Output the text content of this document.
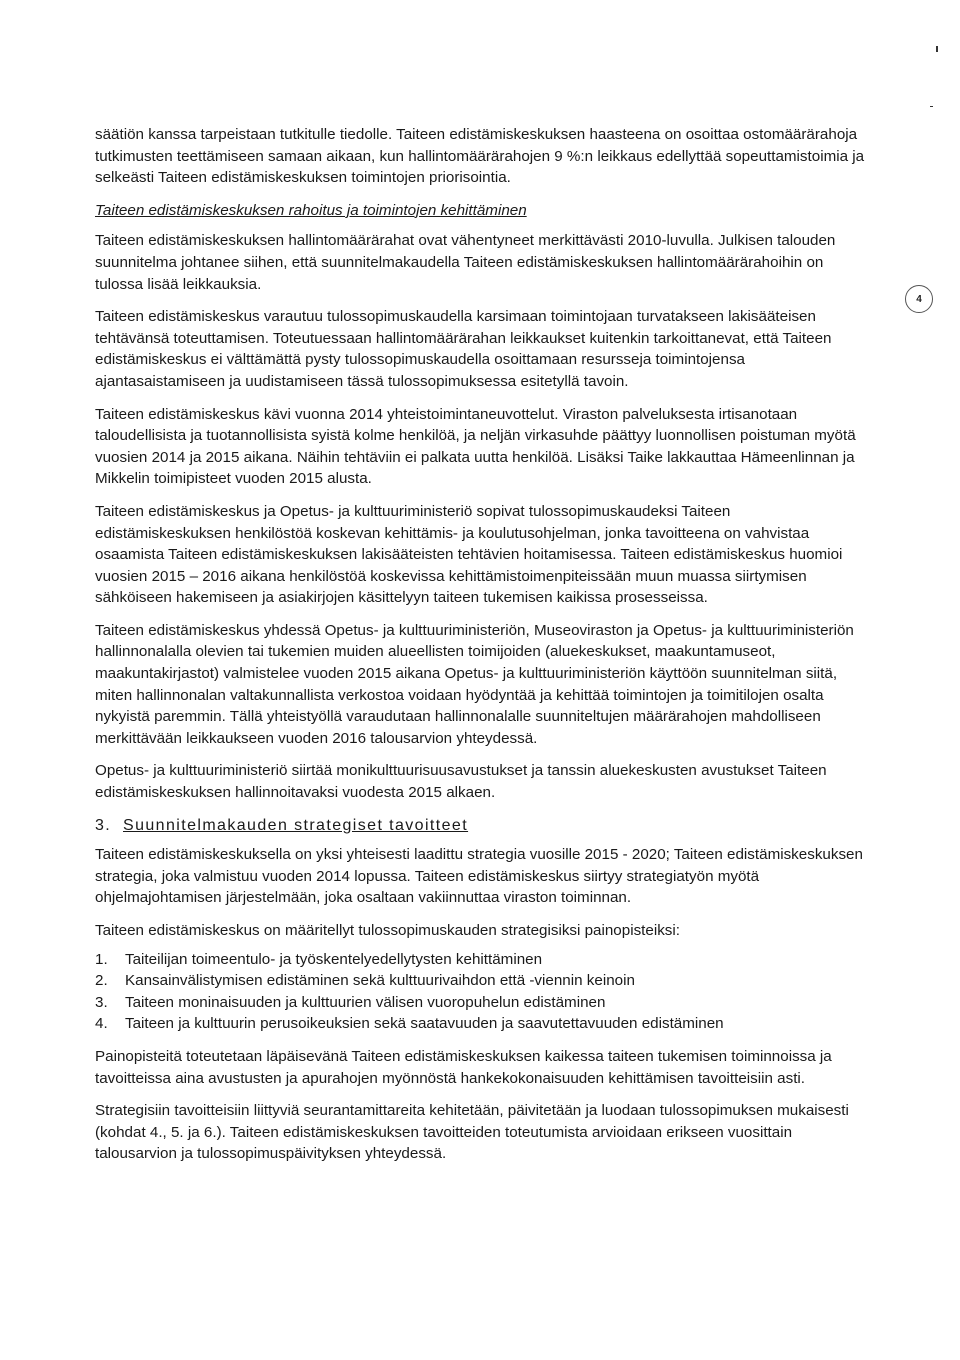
4

säätiön kanssa tarpeistaan tutkitulle tiedolle. Taiteen edistämiskeskuksen haasteena on osoittaa ostomäärärahoja tutkimusten teettämiseen samaan aikaan, kun hallintomäärärahojen 9 %:n leikkaus edellyttää sopeuttamistoimia ja selkeästi Taiteen edistämiskeskuksen toimintojen priorisointia.

Taiteen edistämiskeskuksen rahoitus ja toimintojen kehittäminen

Taiteen edistämiskeskuksen hallintomäärärahat ovat vähentyneet merkittävästi 2010-luvulla. Julkisen talouden suunnitelma johtanee siihen, että suunnitelmakaudella Taiteen edistämiskeskuksen hallintomäärärahoihin on tulossa lisää leikkauksia.

Taiteen edistämiskeskus varautuu tulossopimuskaudella karsimaan toimintojaan turvatakseen lakisääteisen tehtävänsä toteuttamisen. Toteutuessaan hallintomäärärahan leikkaukset kuitenkin tarkoittanevat, että Taiteen edistämiskeskus ei välttämättä pysty tulossopimuskaudella osoittamaan resursseja toimintojensa ajantasaistamiseen ja uudistamiseen tässä tulossopimuksessa esitetyllä tavoin.

Taiteen edistämiskeskus kävi vuonna 2014 yhteistoimintaneuvottelut. Viraston palveluksesta irtisanotaan taloudellisista ja tuotannollisista syistä kolme henkilöä, ja neljän virkasuhde päättyy luonnollisen poistuman myötä vuosien 2014 ja 2015 aikana. Näihin tehtäviin ei palkata uutta henkilöä. Lisäksi Taike lakkauttaa Hämeenlinnan ja Mikkelin toimipisteet vuoden 2015 alusta.

Taiteen edistämiskeskus ja Opetus- ja kulttuuriministeriö sopivat tulossopimuskaudeksi Taiteen edistämiskeskuksen henkilöstöä koskevan kehittämis- ja koulutusohjelman, jonka tavoitteena on vahvistaa osaamista Taiteen edistämiskeskuksen lakisääteisten tehtävien hoitamisessa. Taiteen edistämiskeskus huomioi vuosien 2015 – 2016 aikana henkilöstöä koskevissa kehittämistoimenpiteissään muun muassa siirtymisen sähköiseen hakemiseen ja asiakirjojen käsittelyyn taiteen tukemisen kaikissa prosesseissa.

Taiteen edistämiskeskus yhdessä Opetus- ja kulttuuriministeriön, Museoviraston ja Opetus- ja kulttuuriministeriön hallinnonalalla olevien tai tukemien muiden alueellisten toimijoiden (aluekeskukset, maakuntamuseot, maakuntakirjastot) valmistelee vuoden 2015 aikana Opetus- ja kulttuuriministeriön käyttöön suunnitelman siitä, miten hallinnonalan valtakunnallista verkostoa voidaan hyödyntää ja kehittää toimintojen ja toimitilojen osalta nykyistä paremmin. Tällä yhteistyöllä varaudutaan hallinnonalalle suunniteltujen määrärahojen mahdolliseen merkittävään leikkaukseen vuoden 2016 talousarvion yhteydessä.

Opetus- ja kulttuuriministeriö siirtää monikulttuurisuusavustukset ja tanssin aluekeskusten avustukset Taiteen edistämiskeskuksen hallinnoitavaksi vuodesta 2015 alkaen.

3. Suunnitelmakauden strategiset tavoitteet

Taiteen edistämiskeskuksella on yksi yhteisesti laadittu strategia vuosille 2015 - 2020; Taiteen edistämiskeskuksen strategia, joka valmistuu vuoden 2014 lopussa. Taiteen edistämiskeskus siirtyy strategiatyön myötä ohjelmajohtamisen järjestelmään, joka osaltaan vakiinnuttaa viraston toiminnan.

Taiteen edistämiskeskus on määritellyt tulossopimuskauden strategisiksi painopisteiksi:

1.	Taiteilijan toimeentulo- ja työskentelyedellytysten kehittäminen
2.	Kansainvälistymisen edistäminen sekä kulttuurivaihdon että -viennin keinoin
3.	Taiteen moninaisuuden ja kulttuurien välisen vuoropuhelun edistäminen
4.	Taiteen ja kulttuurin perusoikeuksien sekä saatavuuden ja saavutettavuuden edistäminen

Painopisteitä toteutetaan läpäisevänä Taiteen edistämiskeskuksen kaikessa taiteen tukemisen toiminnoissa ja tavoitteissa aina avustusten ja apurahojen myönnöstä hankekokonaisuuden kehittämisen tavoitteisiin asti.

Strategisiin tavoitteisiin liittyviä seurantamittareita kehitetään, päivitetään ja luodaan tulossopimuksen mukaisesti (kohdat 4., 5. ja 6.). Taiteen edistämiskeskuksen tavoitteiden toteutumista arvioidaan erikseen vuosittain talousarvion ja tulossopimuspäivityksen yhteydessä.
